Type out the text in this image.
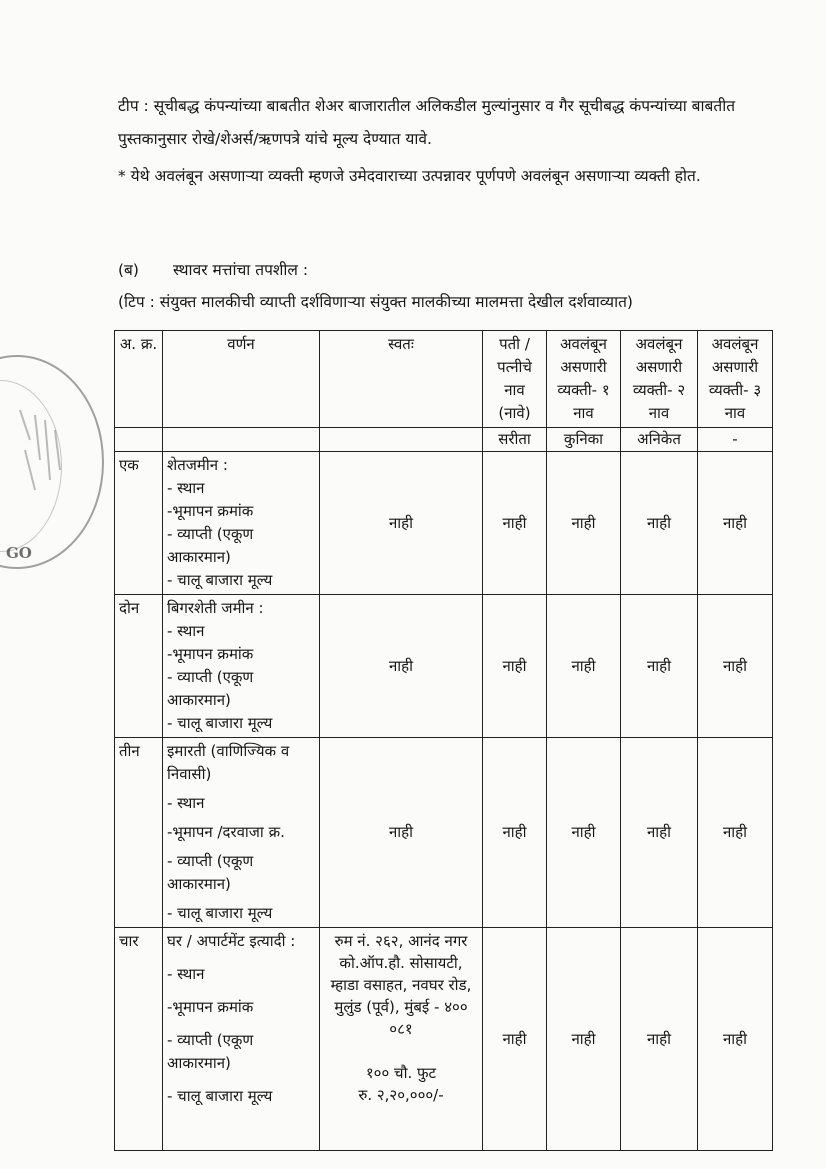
GO

टीप : सूचीबद्ध कंपन्यांच्या बाबतीत शेअर बाजारातील अलिकडील मुल्यांनुसार व गैर सूचीबद्ध कंपन्यांच्या बाबतीत पुस्तकानुसार रोखे/शेअर्स/ऋणपत्रे यांचे मूल्य देण्यात यावे.

* येथे अवलंबून असणाऱ्या व्यक्ती म्हणजे उमेदवाराच्या उत्पन्नावर पूर्णपणे अवलंबून असणाऱ्या व्यक्ती होत.

(ब) स्थावर मत्तांचा तपशील :
(टिप : संयुक्त मालकीची व्याप्ती दर्शविणाऱ्या संयुक्त मालकीच्या मालमत्ता देखील दर्शवाव्यात)
अ. क्र.	वर्णन	स्वतः	पती / पत्नीचे नाव (नावे)	अवलंबून असणारी व्यक्ती- १ नाव	अवलंबून असणारी व्यक्ती- २ नाव	अवलंबून असणारी व्यक्ती- ३ नाव
			सरीता	कुनिका	अनिकेत	-
एक	शेतजमीन :
- स्थान
-भूमापन क्रमांक
- व्याप्ती (एकूण आकारमान)
- चालू बाजारा मूल्य	नाही	नाही	नाही	नाही	नाही
दोन	बिगरशेती जमीन :
- स्थान
-भूमापन क्रमांक
- व्याप्ती (एकूण आकारमान)
- चालू बाजारा मूल्य	नाही	नाही	नाही	नाही	नाही
तीन	इमारती (वाणिज्यिक व निवासी)
- स्थान
-भूमापन /दरवाजा क्र.
- व्याप्ती (एकूण आकारमान)
- चालू बाजारा मूल्य	नाही	नाही	नाही	नाही	नाही
चार	घर / अपार्टमेंट इत्यादी :
- स्थान
-भूमापन क्रमांक
- व्याप्ती (एकूण आकारमान)
- चालू बाजारा मूल्य	रुम नं. २६२, आनंद नगर को.ऑप.हौ. सोसायटी, म्हाडा वसाहत, नवघर रोड, मुलुंड (पूर्व), मुंबई - ४०० ०८१
१०० चौ. फुट
रु. २,२०,०००/-	नाही	नाही	नाही	नाही
